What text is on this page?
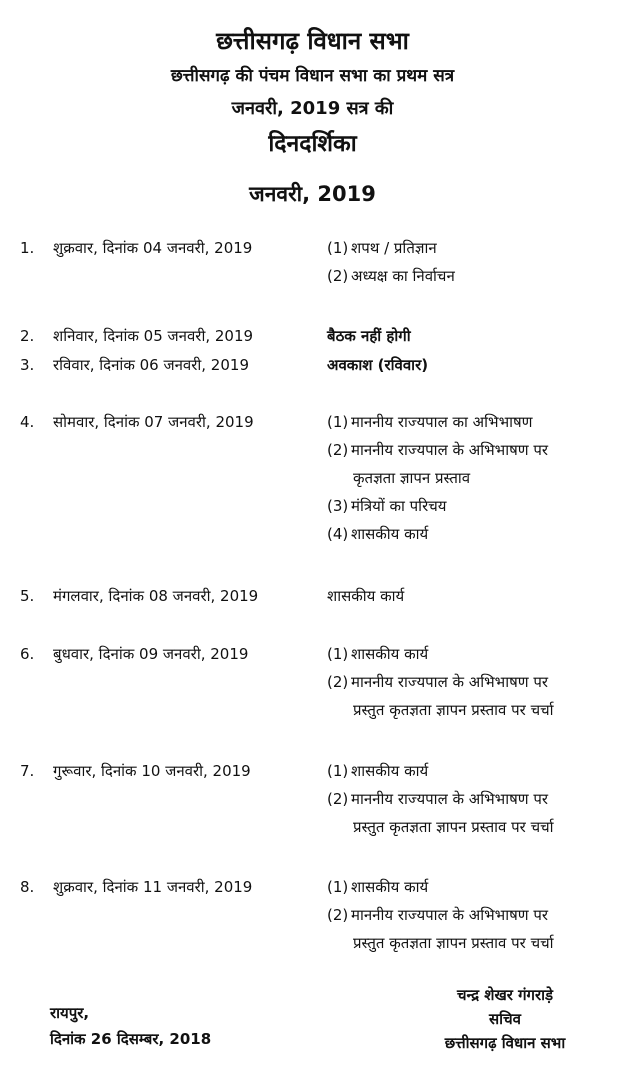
छत्तीसगढ़ विधान सभा
छत्तीसगढ़ की पंचम विधान सभा का प्रथम सत्र
जनवरी, 2019 सत्र की
दिनदर्शिका
जनवरी, 2019
1. शुक्रवार, दिनांक 04 जनवरी, 2019	(1) शपथ / प्रतिज्ञान
(2) अध्यक्ष का निर्वाचन
2. शनिवार, दिनांक 05 जनवरी, 2019	बैठक नहीं होगी
3. रविवार, दिनांक 06 जनवरी, 2019	अवकाश (रविवार)
4. सोमवार, दिनांक 07 जनवरी, 2019	(1) माननीय राज्यपाल का अभिभाषण
(2) माननीय राज्यपाल के अभिभाषण पर
कृतज्ञता ज्ञापन प्रस्ताव
(3) मंत्रियों का परिचय
(4) शासकीय कार्य
5. मंगलवार, दिनांक 08 जनवरी, 2019	शासकीय कार्य
6. बुधवार, दिनांक 09 जनवरी, 2019	(1) शासकीय कार्य
(2) माननीय राज्यपाल के अभिभाषण पर
प्रस्तुत कृतज्ञता ज्ञापन प्रस्ताव पर चर्चा
7. गुरूवार, दिनांक 10 जनवरी, 2019	(1) शासकीय कार्य
(2) माननीय राज्यपाल के अभिभाषण पर
प्रस्तुत कृतज्ञता ज्ञापन प्रस्ताव पर चर्चा
8. शुक्रवार, दिनांक 11 जनवरी, 2019	(1) शासकीय कार्य
(2) माननीय राज्यपाल के अभिभाषण पर
प्रस्तुत कृतज्ञता ज्ञापन प्रस्ताव पर चर्चा
रायपुर,
दिनांक 26 दिसम्बर, 2018
चन्द्र शेखर गंगराड़े
सचिव
छत्तीसगढ़ विधान सभा
